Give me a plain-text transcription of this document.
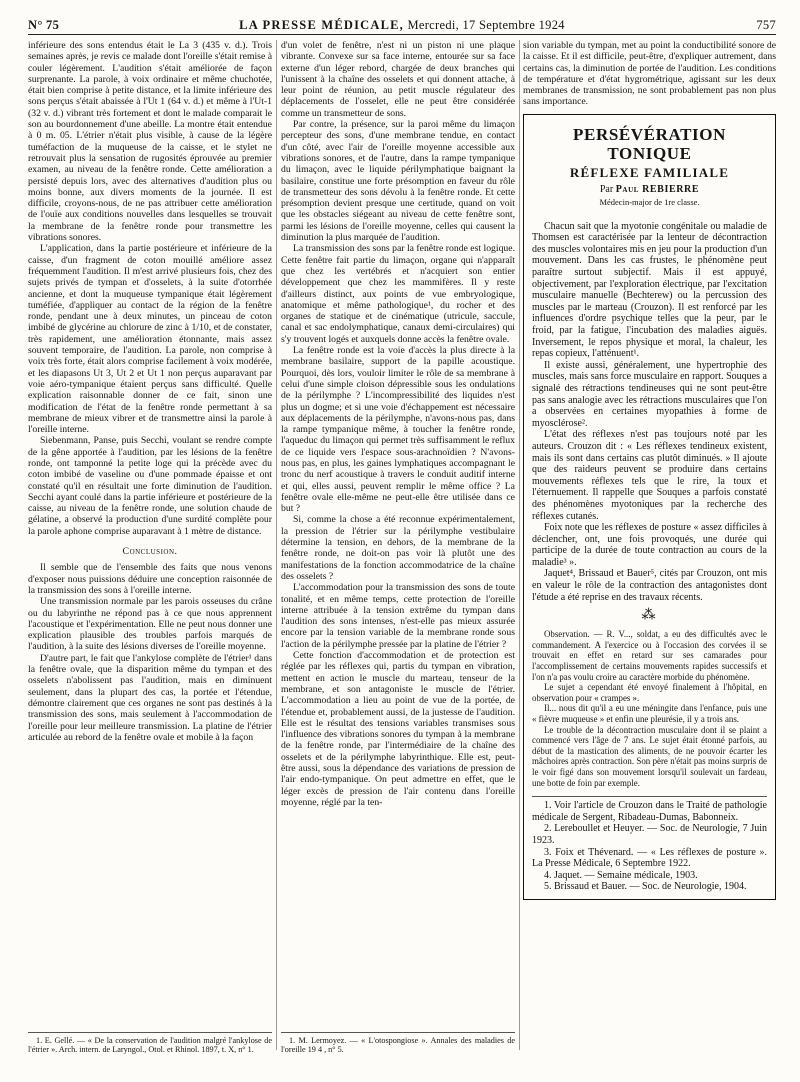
N° 75	LA PRESSE MÉDICALE, Mercredi, 17 Septembre 1924	757

inférieure des sons entendus était le La 3 (435 v. d.). Trois semaines après, je revis ce malade dont l'oreille s'était remise à couler légèrement. L'audition s'était améliorée de façon surprenante. La parole, à voix ordinaire et même chuchotée, était bien comprise à petite distance, et la limite inférieure des sons perçus s'était abaissée à l'Ut 1 (64 v. d.) et même à l'Ut-1 (32 v. d.) vibrant très fortement et dont le malade comparait le son au bourdonnement d'une abeille. La montre était entendue à 0 m. 05. L'étrier n'était plus visible, à cause de la légère tuméfaction de la muqueuse de la caisse, et le stylet ne retrouvait plus la sensation de rugosités éprouvée au premier examen, au niveau de la fenêtre ronde. Cette amélioration a persisté depuis lors, avec des alternatives d'audition plus ou moins bonne, aux divers moments de la journée. Il est difficile, croyons-nous, de ne pas attribuer cette amélioration de l'ouïe aux conditions nouvelles dans lesquelles se trouvait la membrane de la fenêtre ronde pour transmettre les vibrations sonores.

L'application, dans la partie postérieure et inférieure de la caisse, d'un fragment de coton mouillé améliore assez fréquemment l'audition. Il m'est arrivé plusieurs fois, chez des sujets privés de tympan et d'osselets, à la suite d'otorrhée ancienne, et dont la muqueuse tympanique était légèrement tuméfiée, d'appliquer au contact de la région de la fenêtre ronde, pendant une à deux minutes, un pinceau de coton imbibé de glycérine au chlorure de zinc à 1/10, et de constater, très rapidement, une amélioration étonnante, mais assez souvent temporaire, de l'audition. La parole, non comprise à voix très forte, était alors comprise facilement à voix modérée, et les diapasons Ut 3, Ut 2 et Ut 1 non perçus auparavant par voie aéro-tympanique étaient perçus sans difficulté. Quelle explication raisonnable donner de ce fait, sinon une modification de l'état de la fenêtre ronde permettant à sa membrane de mieux vibrer et de transmettre ainsi la parole à l'oreille interne.

Siebenmann, Panse, puis Secchi, voulant se rendre compte de la gêne apportée à l'audition, par les lésions de la fenêtre ronde, ont tamponné la petite loge qui la précède avec du coton imbibé de vaseline ou d'une pommade épaisse et ont constaté qu'il en résultait une forte diminution de l'audition. Secchi ayant coulé dans la partie inférieure et postérieure de la caisse, au niveau de la fenêtre ronde, une solution chaude de gélatine, a observé la production d'une surdité complète pour la parole aphone comprise auparavant à 1 mètre de distance.

Conclusion.

Il semble que de l'ensemble des faits que nous venons d'exposer nous puissions déduire une conception raisonnée de la transmission des sons à l'oreille interne.

Une transmission normale par les parois osseuses du crâne ou du labyrinthe ne répond pas à ce que nous apprennent l'acoustique et l'expérimentation. Elle ne peut nous donner une explication plausible des troubles parfois marqués de l'audition, à la suite des lésions diverses de l'oreille moyenne.

D'autre part, le fait que l'ankylose complète de l'étrier¹ dans la fenêtre ovale, que la disparition même du tympan et des osselets n'abolissent pas l'audition, mais en diminuent seulement, dans la plupart des cas, la portée et l'étendue, démontre clairement que ces organes ne sont pas destinés à la transmission des sons, mais seulement à l'accommodation de l'oreille pour leur meilleure transmission. La platine de l'étrier articulée au rebord de la fenêtre ovale et mobile à la façon

1. E. Gellé. — « De la conservation de l'audition malgré l'ankylose de l'étrier ». Arch. intern. de Laryngol., Otol. et Rhinol. 1897, t. X, n° 1.

d'un volet de fenêtre, n'est ni un piston ni une plaque vibrante. Convexe sur sa face interne, entourée sur sa face externe d'un léger rebord, chargée de deux branches qui l'unissent à la chaîne des osselets et qui donnent attache, à leur point de réunion, au petit muscle régulateur des déplacements de l'osselet, elle ne peut être considérée comme un transmetteur de sons.

Par contre, la présence, sur la paroi même du limaçon percepteur des sons, d'une membrane tendue, en contact d'un côté, avec l'air de l'oreille moyenne accessible aux vibrations sonores, et de l'autre, dans la rampe tympanique du limaçon, avec le liquide périlymphatique baignant la basilaire, constitue une forte présomption en faveur du rôle de transmetteur des sons dévolu à la fenêtre ronde. Et cette présomption devient presque une certitude, quand on voit que les obstacles siégeant au niveau de cette fenêtre sont, parmi les lésions de l'oreille moyenne, celles qui causent la diminution la plus marquée de l'audition.

La transmission des sons par la fenêtre ronde est logique. Cette fenêtre fait partie du limaçon, organe qui n'apparaît que chez les vertébrés et n'acquiert son entier développement que chez les mammifères. Il y reste d'ailleurs distinct, aux points de vue embryologique, anatomique et même pathologique¹, du rocher et des organes de statique et de cinématique (utricule, saccule, canal et sac endolymphatique, canaux demi-circulaires) qui s'y trouvent logés et auxquels donne accès la fenêtre ovale.

La fenêtre ronde est la voie d'accès la plus directe à la membrane basilaire, support de la papille acoustique. Pourquoi, dès lors, vouloir limiter le rôle de sa membrane à celui d'une simple cloison dépressible sous les ondulations de la périlymphe ? L'incompressibilité des liquides n'est plus un dogme; et si une voie d'échappement est nécessaire aux déplacements de la périlymphe, n'avons-nous pas, dans la rampe tympanique même, à toucher la fenêtre ronde, l'aqueduc du limaçon qui permet très suffisamment le reflux de ce liquide vers l'espace sous-arachnoïdien ? N'avons-nous pas, en plus, les gaines lymphatiques accompagnant le tronc du nerf acoustique à travers le conduit auditif interne et qui, elles aussi, peuvent remplir le même office ? La fenêtre ovale elle-même ne peut-elle être utilisée dans ce but ?

Si, comme la chose a été reconnue expérimentalement, la pression de l'étrier sur la périlymphe vestibulaire détermine la tension, en dehors, de la membrane de la fenêtre ronde, ne doit-on pas voir là plutôt une des manifestations de la fonction accommodatrice de la chaîne des osselets ?

L'accommodation pour la transmission des sons de toute tonalité, et en même temps, cette protection de l'oreille interne attribuée à la tension extrême du tympan dans l'audition des sons intenses, n'est-elle pas mieux assurée encore par la tension variable de la membrane ronde sous l'action de la périlymphe pressée par la platine de l'étrier ?

Cette fonction d'accommodation et de protection est réglée par les réflexes qui, partis du tympan en vibration, mettent en action le muscle du marteau, tenseur de la membrane, et son antagoniste le muscle de l'étrier. L'accommodation a lieu au point de vue de la portée, de l'étendue et, probablement aussi, de la justesse de l'audition. Elle est le résultat des tensions variables transmises sous l'influence des vibrations sonores du tympan à la membrane de la fenêtre ronde, par l'intermédiaire de la chaîne des osselets et de la périlymphe labyrinthique. Elle est, peut-être aussi, sous la dépendance des variations de pression de l'air endo-tympanique. On peut admettre en effet, que le léger excès de pression de l'air contenu dans l'oreille moyenne, réglé par la ten-

1. M. Lermoyez. — « L'otospongiose ». Annales des maladies de l'oreille 19 4 , n° 5.

sion variable du tympan, met au point la conductibilité sonore de la caisse. Et il est difficile, peut-être, d'expliquer autrement, dans certains cas, la diminution de portée de l'audition. Les conditions de température et d'état hygrométrique, agissant sur les deux membranes de transmission, ne sont probablement pas non plus sans importance.

PERSÉVÉRATION TONIQUE
RÉFLEXE FAMILIALE
Par Paul REBIERRE
Médecin-major de 1re classe.

Chacun sait que la myotonie congénitale ou maladie de Thomsen est caractérisée par la lenteur de décontraction des muscles volontaires mis en jeu pour la production d'un mouvement. Dans les cas frustes, le phénomène peut paraître surtout subjectif. Mais il est appuyé, objectivement, par l'exploration électrique, par l'excitation musculaire manuelle (Bechterew) ou la percussion des muscles par le marteau (Crouzon). Il est renforcé par les influences d'ordre psychique telles que la peur, par le froid, par la fatigue, l'incubation des maladies aiguës. Inversement, le repos physique et moral, la chaleur, les repas copieux, l'atténuent¹.

Il existe aussi, généralement, une hypertrophie des muscles, mais sans force musculaire en rapport. Souques a signalé des rétractions tendineuses qui ne sont peut-être pas sans analogie avec les rétractions musculaires que l'on a observées en certaines myopathies à forme de myosclérose².

L'état des réflexes n'est pas toujours noté par les auteurs. Crouzon dit : « Les réflexes tendineux existent, mais ils sont dans certains cas plutôt diminués. » Il ajoute que des raideurs peuvent se produire dans certains mouvements réflexes tels que le rire, la toux et l'éternuement. Il rappelle que Souques a parfois constaté des phénomènes myotoniques par la recherche des réflexes cutanés.

Foix note que les réflexes de posture « assez difficiles à déclencher, ont, une fois provoqués, une durée qui participe de la durée de toute contraction au cours de la maladie³ ».

Jaquet⁴, Brissaud et Bauer⁵, cités par Crouzon, ont mis en valeur le rôle de la contraction des antagonistes dont l'étude a été reprise en des travaux récents.

⁂

Observation. — R. V..., soldat, a eu des difficultés avec le commandement. A l'exercice ou à l'occasion des corvées il se trouvait en effet en retard sur ses camarades pour l'accomplissement de certains mouvements rapides successifs et l'on n'a pas voulu croire au caractère morbide du phénomène.

Le sujet a cependant été envoyé finalement à l'hôpital, en observation pour « crampes ».

Il... nous dit qu'il a eu une méningite dans l'enfance, puis une « fièvre muqueuse » et enfin une pleurésie, il y a trois ans.

Le trouble de la décontraction musculaire dont il se plaint a commencé vers l'âge de 7 ans. Le sujet était étonné parfois, au début de la mastication des aliments, de ne pouvoir écarter les mâchoires après contraction. Son père n'était pas moins surpris de le voir figé dans son mouvement lorsqu'il soulevait un fardeau, une botte de foin par exemple.

1. Voir l'article de Crouzon dans le Traité de pathologie médicale de Sergent, Ribadeau-Dumas, Babonneix.

2. Lereboullet et Heuyer. — Soc. de Neurologie, 7 Juin 1923.

3. Foix et Thévenard. — « Les réflexes de posture ». La Presse Médicale, 6 Septembre 1922.

4. Jaquet. — Semaine médicale, 1903.

5. Brissaud et Bauer. — Soc. de Neurologie, 1904.
